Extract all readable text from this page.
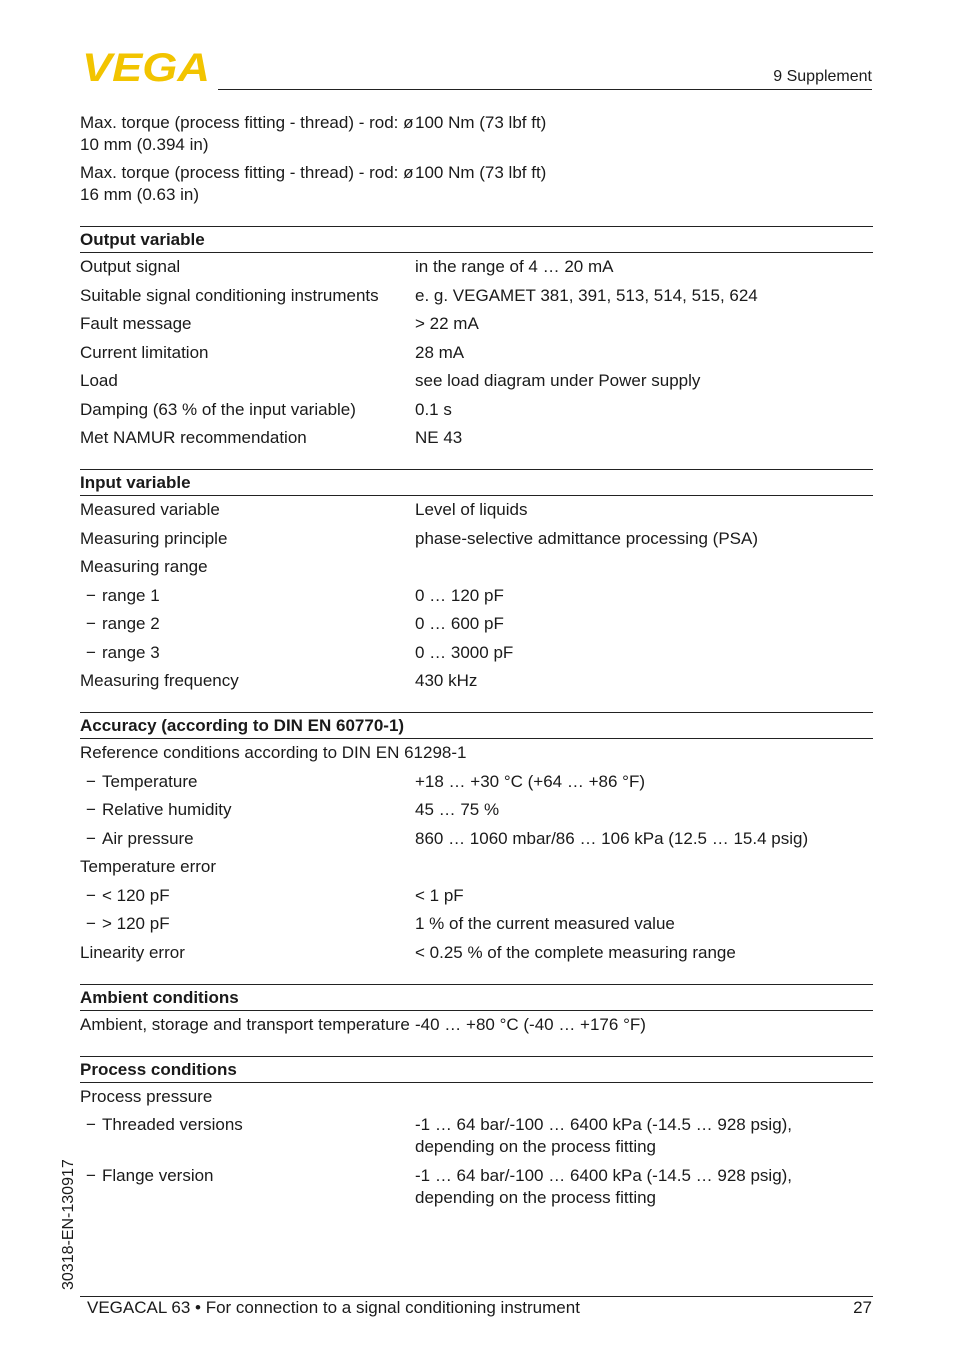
VEGA	9 Supplement
Max. torque (process fitting - thread) - rod: ø 10 mm (0.394 in)
100 Nm (73 lbf ft)
Max. torque (process fitting - thread) - rod: ø 16 mm (0.63 in)
100 Nm (73 lbf ft)
Output variable
Output signal	in the range of 4 … 20 mA
Suitable signal conditioning instruments	e. g. VEGAMET 381, 391, 513, 514, 515, 624
Fault message	> 22 mA
Current limitation	28 mA
Load	see load diagram under Power supply
Damping (63 % of the input variable)	0.1 s
Met NAMUR recommendation	NE 43
Input variable
Measured variable	Level of liquids
Measuring principle	phase-selective admittance processing (PSA)
Measuring range
− range 1	0 … 120 pF
− range 2	0 … 600 pF
− range 3	0 … 3000 pF
Measuring frequency	430 kHz
Accuracy (according to DIN EN 60770-1)
Reference conditions according to DIN EN 61298-1
− Temperature	+18 … +30 °C (+64 … +86 °F)
− Relative humidity	45 … 75 %
− Air pressure	860 … 1060 mbar/86 … 106 kPa (12.5 … 15.4 psig)
Temperature error
− < 120 pF	< 1 pF
− > 120 pF	1 % of the current measured value
Linearity error	< 0.25 % of the complete measuring range
Ambient conditions
Ambient, storage and transport temperature -40 … +80 °C (-40 … +176 °F)
Process conditions
Process pressure
− Threaded versions	-1 … 64 bar/-100 … 6400 kPa (-14.5 … 928 psig), depending on the process fitting
− Flange version	-1 … 64 bar/-100 … 6400 kPa (-14.5 … 928 psig), depending on the process fitting
30318-EN-130917
VEGACAL 63 • For connection to a signal conditioning instrument	27
